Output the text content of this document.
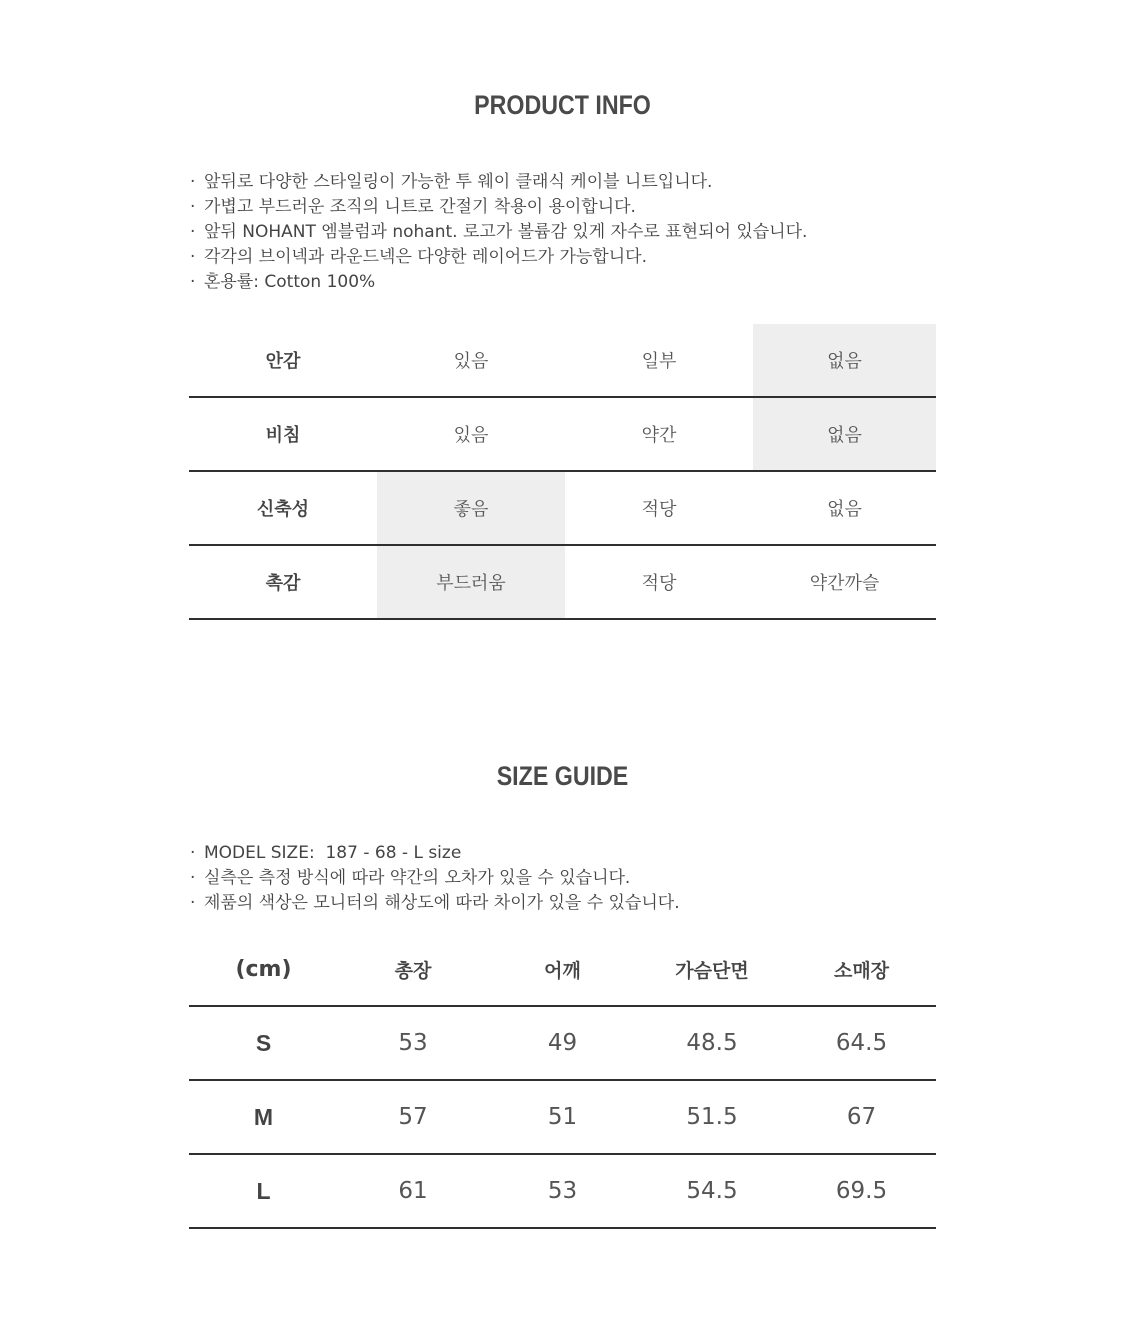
PRODUCT INFO
· 앞뒤로 다양한 스타일링이 가능한 투 웨이 클래식 케이블 니트입니다.
· 가볍고 부드러운 조직의 니트로 간절기 착용이 용이합니다.
· 앞뒤 NOHANT 엠블럼과 nohant. 로고가 볼륨감 있게 자수로 표현되어 있습니다.
· 각각의 브이넥과 라운드넥은 다양한 레이어드가 가능합니다.
· 혼용률: Cotton 100%
안감	있음	일부	없음
비침	있음	약간	없음
신축성	좋음	적당	없음
촉감	부드러움	적당	약간까슬
SIZE GUIDE
· MODEL SIZE:  187 - 68 - L size
· 실측은 측정 방식에 따라 약간의 오차가 있을 수 있습니다.
· 제품의 색상은 모니터의 해상도에 따라 차이가 있을 수 있습니다.
(cm)	총장	어깨	가슴단면	소매장
S	53	49	48.5	64.5
M	57	51	51.5	67
L	61	53	54.5	69.5
